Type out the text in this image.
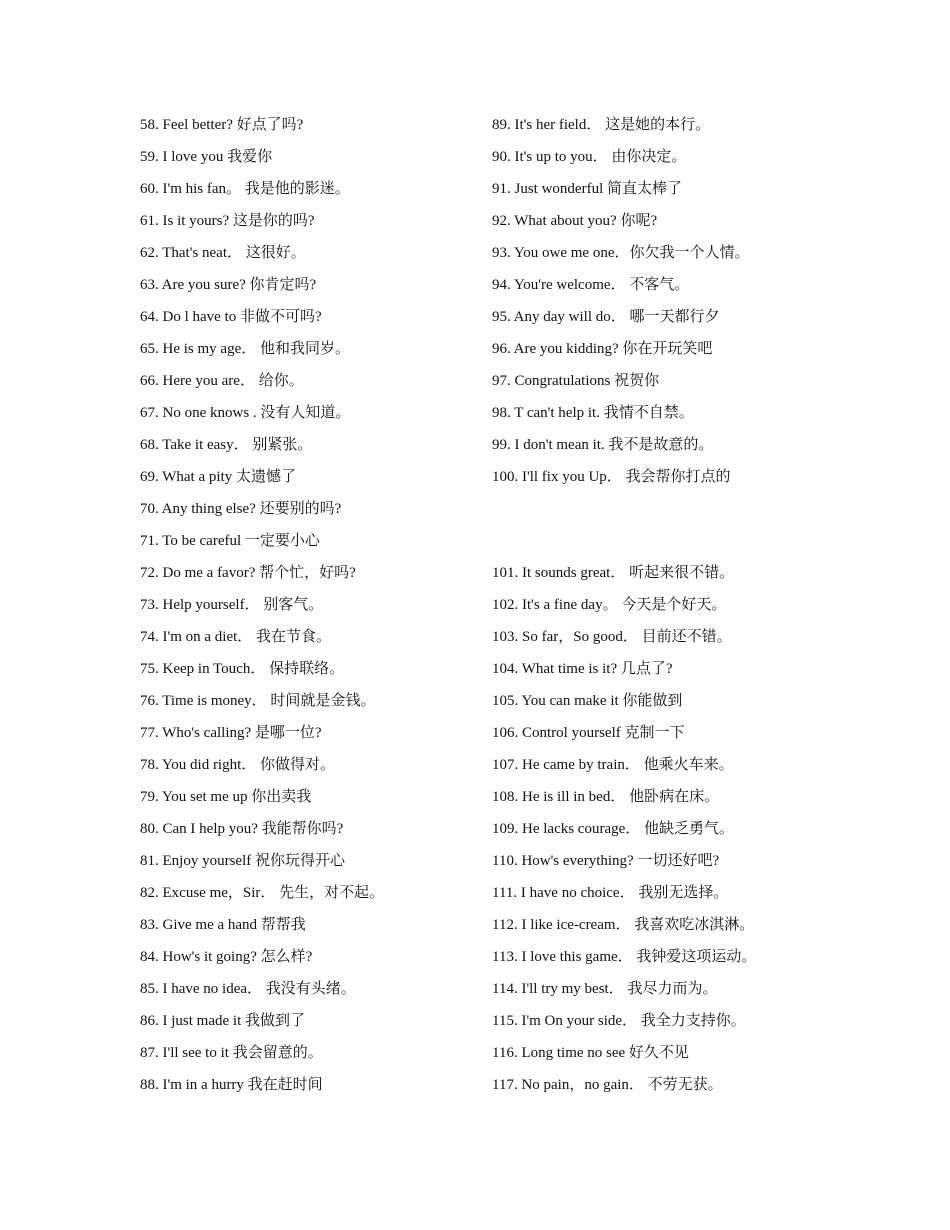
58. Feel better? 好点了吗?
59. I love you 我爱你
60. I'm his fan。 我是他的影迷。
61. Is it yours? 这是你的吗?
62. That's neat． 这很好。
63. Are you sure? 你肯定吗?
64. Do l have to 非做不可吗?
65. He is my age． 他和我同岁。
66. Here you are． 给你。
67. No one knows . 没有人知道。
68. Take it easy． 别紧张。
69. What a pity 太遗憾了
70. Any thing else? 还要别的吗?
71. To be careful 一定要小心
72. Do me a favor? 帮个忙，好吗?
73. Help yourself． 别客气。
74. I'm on a diet． 我在节食。
75. Keep in Touch． 保持联络。
76. Time is money． 时间就是金钱。
77. Who's calling? 是哪一位?
78. You did right． 你做得对。
79. You set me up 你出卖我
80. Can I help you? 我能帮你吗?
81. Enjoy yourself 祝你玩得开心
82. Excuse me，Sir． 先生，对不起。
83. Give me a hand 帮帮我
84. How's it going? 怎么样?
85. I have no idea． 我没有头绪。
86. I just made it 我做到了
87. I'll see to it 我会留意的。
88. I'm in a hurry 我在赶时间
89. It's her field． 这是她的本行。
90. It's up to you． 由你决定。
91. Just wonderful 简直太棒了
92. What about you? 你呢?
93. You owe me one．你欠我一个人情。
94. You're welcome． 不客气。
95. Any day will do． 哪一天都行夕
96. Are you kidding? 你在开玩笑吧
97. Congratulations 祝贺你
98. T can't help it. 我情不自禁。
99. I don't mean it. 我不是故意的。
100. I'll fix you Up． 我会帮你打点的
101. It sounds great． 听起来很不错。
102. It's a fine day。 今天是个好天。
103. So far，So good． 目前还不错。
104. What time is it? 几点了?
105. You can make it 你能做到
106. Control yourself 克制一下
107. He came by train． 他乘火车来。
108. He is ill in bed． 他卧病在床。
109. He lacks courage． 他缺乏勇气。
110. How's everything? 一切还好吧?
111. I have no choice． 我别无选择。
112. I like ice-cream． 我喜欢吃冰淇淋。
113. I love this game． 我钟爱这项运动。
114. I'll try my best． 我尽力而为。
115. I'm On your side． 我全力支持你。
116. Long time no see 好久不见
117. No pain，no gain． 不劳无获。
